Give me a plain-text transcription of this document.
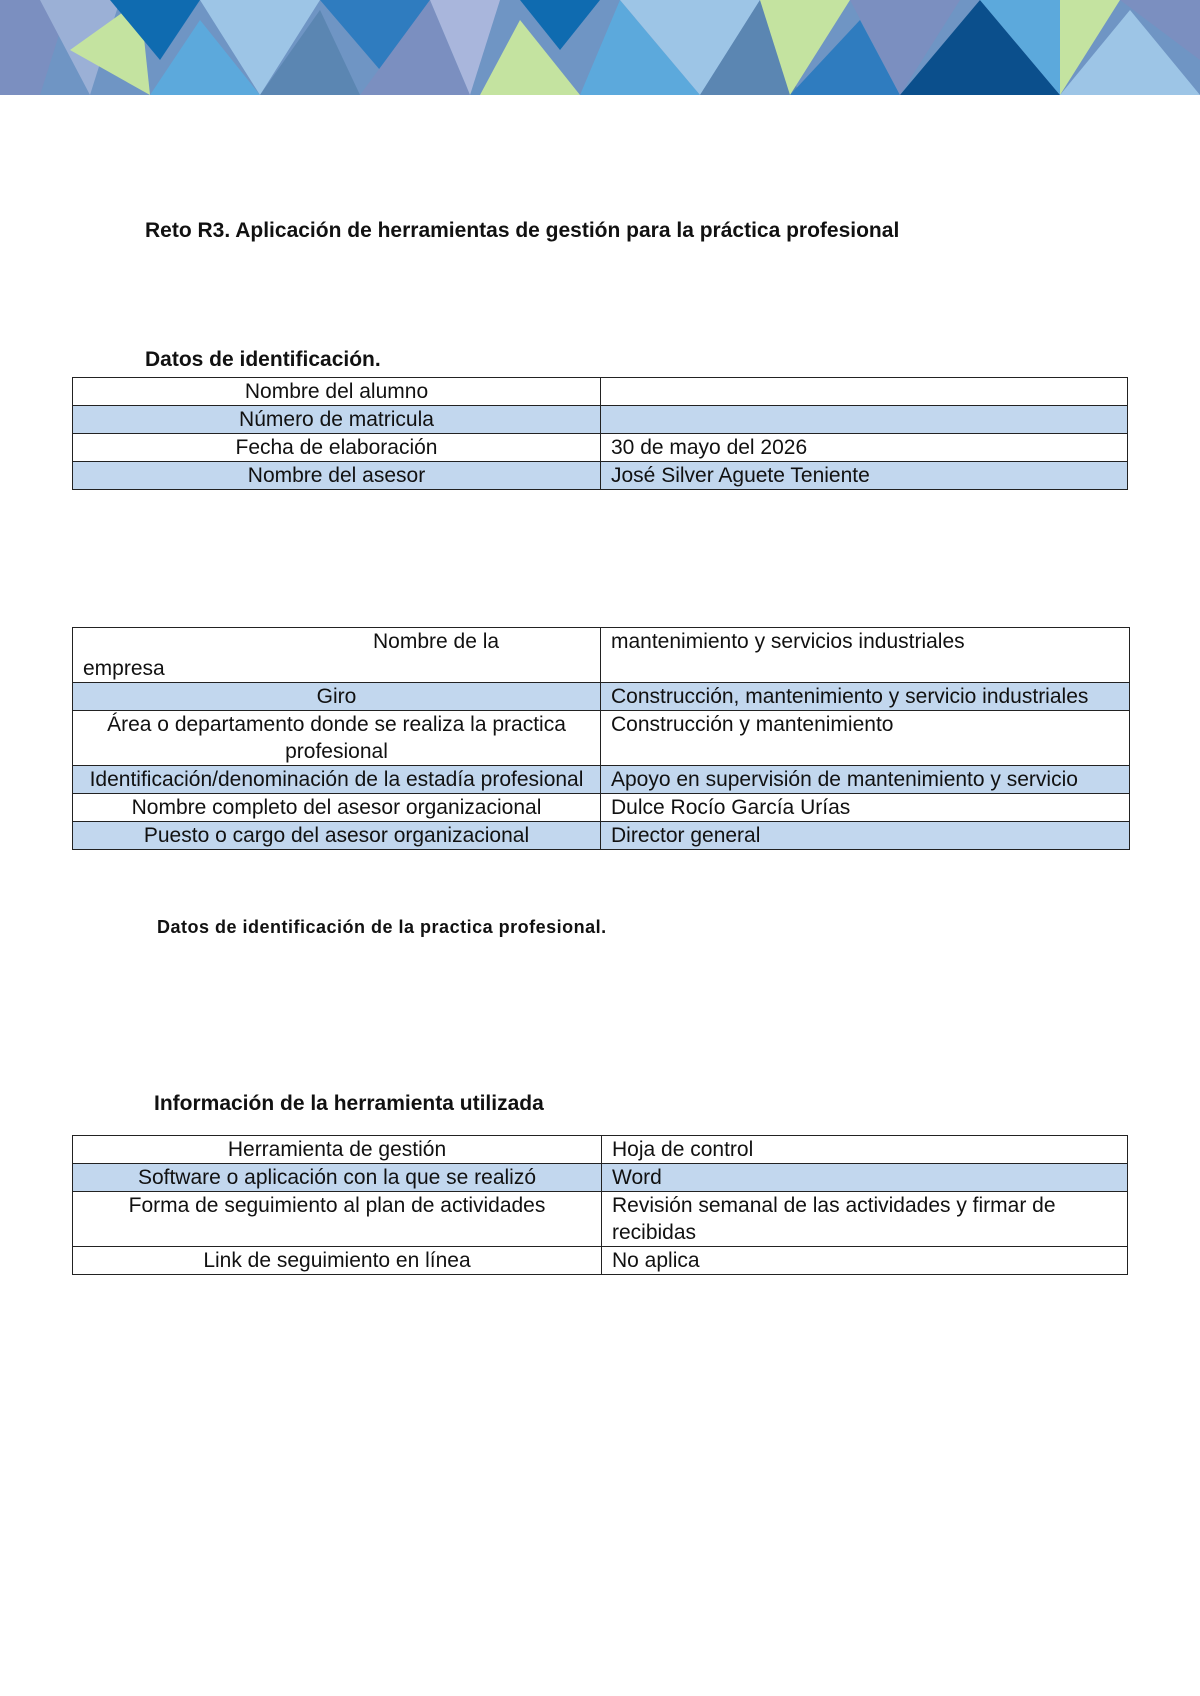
Reto R3. Aplicación de herramientas de gestión para la práctica profesional
Datos de identificación.
Nombre del alumno	
Número de matricula	
Fecha de elaboración	30 de mayo del 2026
Nombre del asesor	José Silver Aguete Teniente
Nombre de la
empresa	mantenimiento y servicios industriales
Giro	Construcción, mantenimiento y servicio industriales
Área o departamento donde se realiza la practica profesional	Construcción y mantenimiento
Identificación/denominación de la estadía profesional	Apoyo en supervisión de mantenimiento y servicio
Nombre completo del asesor organizacional	Dulce Rocío García Urías
Puesto o cargo del asesor organizacional	Director general

Datos de identificación de la practica profesional.

Información de la herramienta utilizada
Herramienta de gestión	Hoja de control
Software o aplicación con la que se realizó	Word
Forma de seguimiento al plan de actividades	Revisión semanal de las actividades y firmar de recibidas
Link de seguimiento en línea	No aplica
